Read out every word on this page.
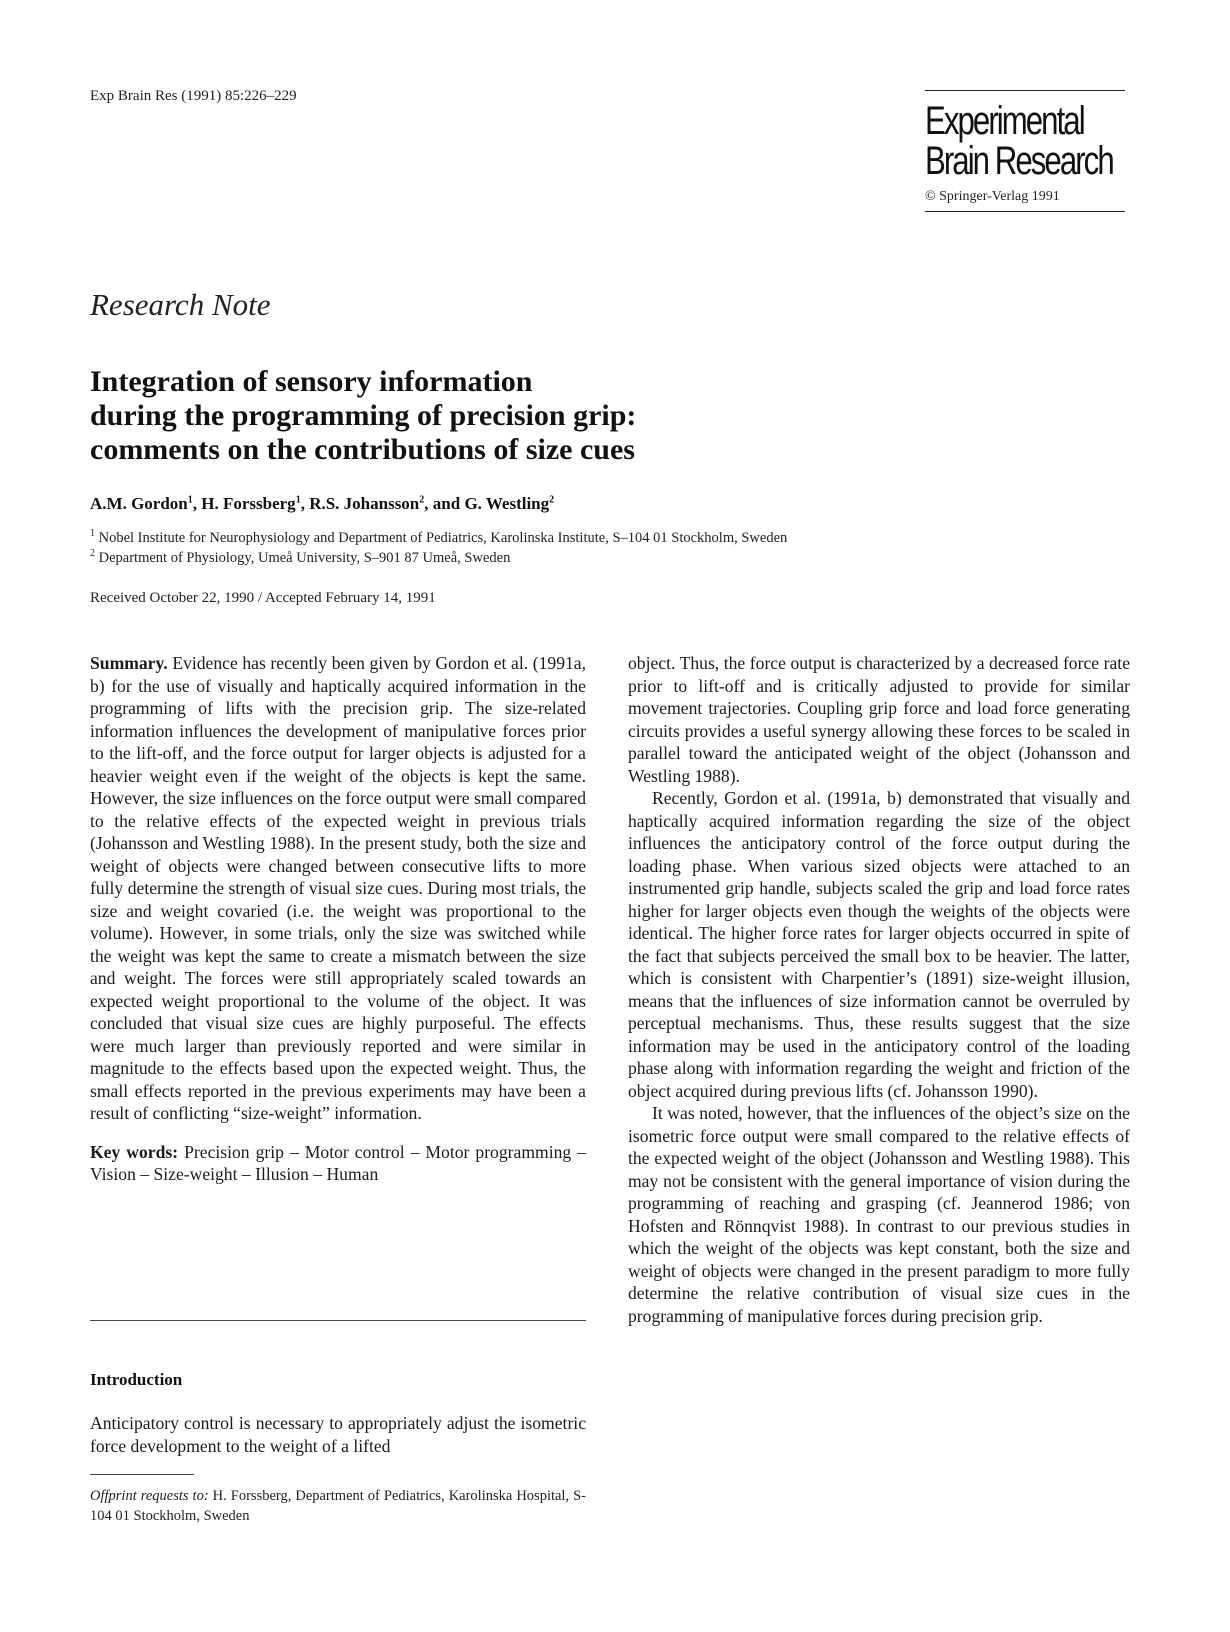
Exp Brain Res (1991) 85:226–229
Experimental
Brain Research
© Springer-Verlag 1991
Research Note
Integration of sensory information
during the programming of precision grip:
comments on the contributions of size cues
A.M. Gordon$^1$, H. Forssberg$^1$, R.S. Johansson$^2$, and G. Westling$^2$
$^1$ Nobel Institute for Neurophysiology and Department of Pediatrics, Karolinska Institute, S–104 01 Stockholm, Sweden
$^2$ Department of Physiology, Umeå University, S–901 87 Umeå, Sweden
Received October 22, 1990 / Accepted February 14, 1991

Summary. Evidence has recently been given by Gordon et al. (1991a, b) for the use of visually and haptically acquired information in the programming of lifts with the precision grip. The size-related information influences the development of manipulative forces prior to the lift-off, and the force output for larger objects is adjusted for a heavier weight even if the weight of the objects is kept the same. However, the size influences on the force output were small compared to the relative effects of the expected weight in previous trials (Johansson and Westling 1988). In the present study, both the size and weight of objects were changed between consecutive lifts to more fully determine the strength of visual size cues. During most trials, the size and weight covaried (i.e. the weight was proportional to the volume). However, in some trials, only the size was switched while the weight was kept the same to create a mismatch between the size and weight. The forces were still appropriately scaled towards an expected weight proportional to the volume of the object. It was concluded that visual size cues are highly purposeful. The effects were much larger than previously reported and were similar in magnitude to the effects based upon the expected weight. Thus, the small effects reported in the previous experiments may have been a result of conflicting “size-weight” information.

Key words: Precision grip – Motor control – Motor programming – Vision – Size-weight – Illusion – Human

Introduction

Anticipatory control is necessary to appropriately adjust the isometric force development to the weight of a lifted

Offprint requests to: H. Forssberg, Department of Pediatrics, Karolinska Hospital, S-104 01 Stockholm, Sweden

object. Thus, the force output is characterized by a decreased force rate prior to lift-off and is critically adjusted to provide for similar movement trajectories. Coupling grip force and load force generating circuits provides a useful synergy allowing these forces to be scaled in parallel toward the anticipated weight of the object (Johansson and Westling 1988).

Recently, Gordon et al. (1991a, b) demonstrated that visually and haptically acquired information regarding the size of the object influences the anticipatory control of the force output during the loading phase. When various sized objects were attached to an instrumented grip handle, subjects scaled the grip and load force rates higher for larger objects even though the weights of the objects were identical. The higher force rates for larger objects occurred in spite of the fact that subjects perceived the small box to be heavier. The latter, which is consistent with Charpentier’s (1891) size-weight illusion, means that the influences of size information cannot be overruled by perceptual mechanisms. Thus, these results suggest that the size information may be used in the anticipatory control of the loading phase along with information regarding the weight and friction of the object acquired during previous lifts (cf. Johansson 1990).

It was noted, however, that the influences of the object’s size on the isometric force output were small compared to the relative effects of the expected weight of the object (Johansson and Westling 1988). This may not be consistent with the general importance of vision during the programming of reaching and grasping (cf. Jeannerod 1986; von Hofsten and Rönnqvist 1988). In contrast to our previous studies in which the weight of the objects was kept constant, both the size and weight of objects were changed in the present paradigm to more fully determine the relative contribution of visual size cues in the programming of manipulative forces during precision grip.
